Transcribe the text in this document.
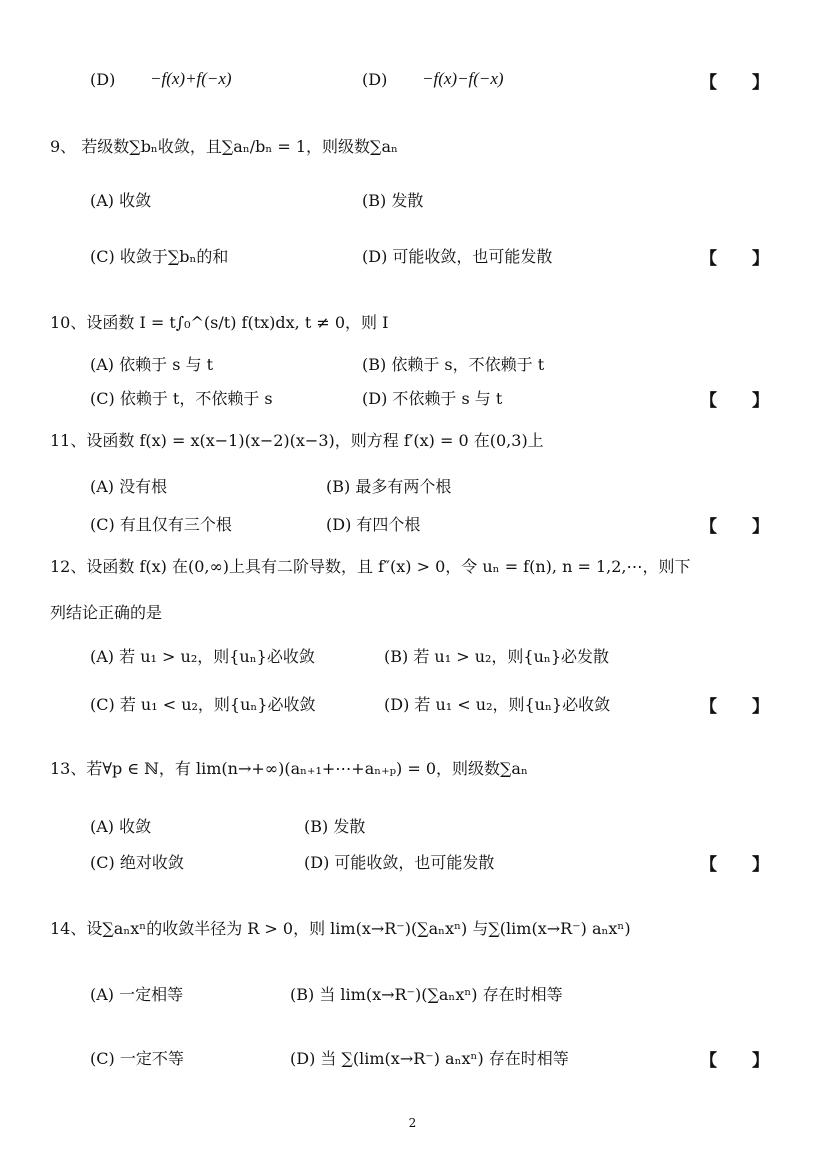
(D) −f(x)+f(−x)	(D) −f(x)−f(−x)	【 】
9、 若级数∑bₙ收敛，且∑aₙ/bₙ = 1，则级数∑aₙ
(A) 收敛	(B) 发散
(C) 收敛于∑bₙ的和	(D) 可能收敛，也可能发散	【 】
10、设函数 I = t∫₀^(s/t) f(tx)dx, t ≠ 0，则 I
(A) 依赖于 s 与 t	(B) 依赖于 s，不依赖于 t
(C) 依赖于 t，不依赖于 s	(D) 不依赖于 s 与 t	【 】
11、设函数 f(x) = x(x−1)(x−2)(x−3)，则方程 f′(x) = 0 在(0,3)上
(A) 没有根	(B) 最多有两个根
(C) 有且仅有三个根	(D) 有四个根	【 】
12、设函数 f(x) 在(0,∞)上具有二阶导数，且 f″(x) > 0，令 uₙ = f(n), n = 1,2,⋯，则下
列结论正确的是
(A) 若 u₁ > u₂，则{uₙ}必收敛	(B) 若 u₁ > u₂，则{uₙ}必发散
(C) 若 u₁ < u₂，则{uₙ}必收敛	(D) 若 u₁ < u₂，则{uₙ}必收敛	【 】
13、若∀p ∈ ℕ，有 lim(n→+∞)(aₙ₊₁+⋯+aₙ₊ₚ) = 0，则级数∑aₙ
(A) 收敛	(B) 发散
(C) 绝对收敛	(D) 可能收敛，也可能发散	【 】
14、设∑aₙxⁿ的收敛半径为 R > 0，则 lim(x→R⁻)(∑aₙxⁿ) 与∑(lim(x→R⁻) aₙxⁿ)
(A) 一定相等	(B) 当 lim(x→R⁻)(∑aₙxⁿ) 存在时相等
(C) 一定不等	(D) 当 ∑(lim(x→R⁻) aₙxⁿ) 存在时相等	【 】
2
